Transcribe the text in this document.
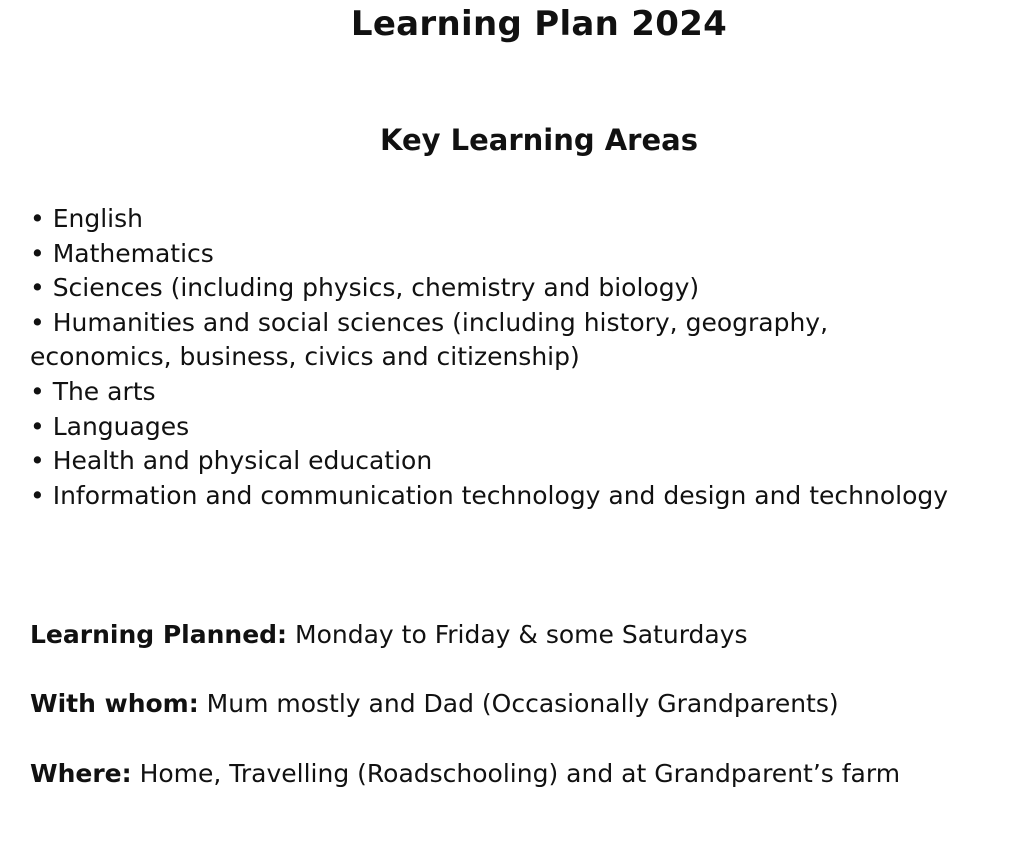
Learning Plan 2024
Key Learning Areas
• English
• Mathematics
• Sciences (including physics, chemistry and biology)
• Humanities and social sciences (including history, geography, economics, business, civics and citizenship)
• The arts
• Languages
• Health and physical education
• Information and communication technology and design and technology

Learning Planned: Monday to Friday & some Saturdays

With whom: Mum mostly and Dad (Occasionally Grandparents)

Where: Home, Travelling (Roadschooling) and at Grandparent’s farm
